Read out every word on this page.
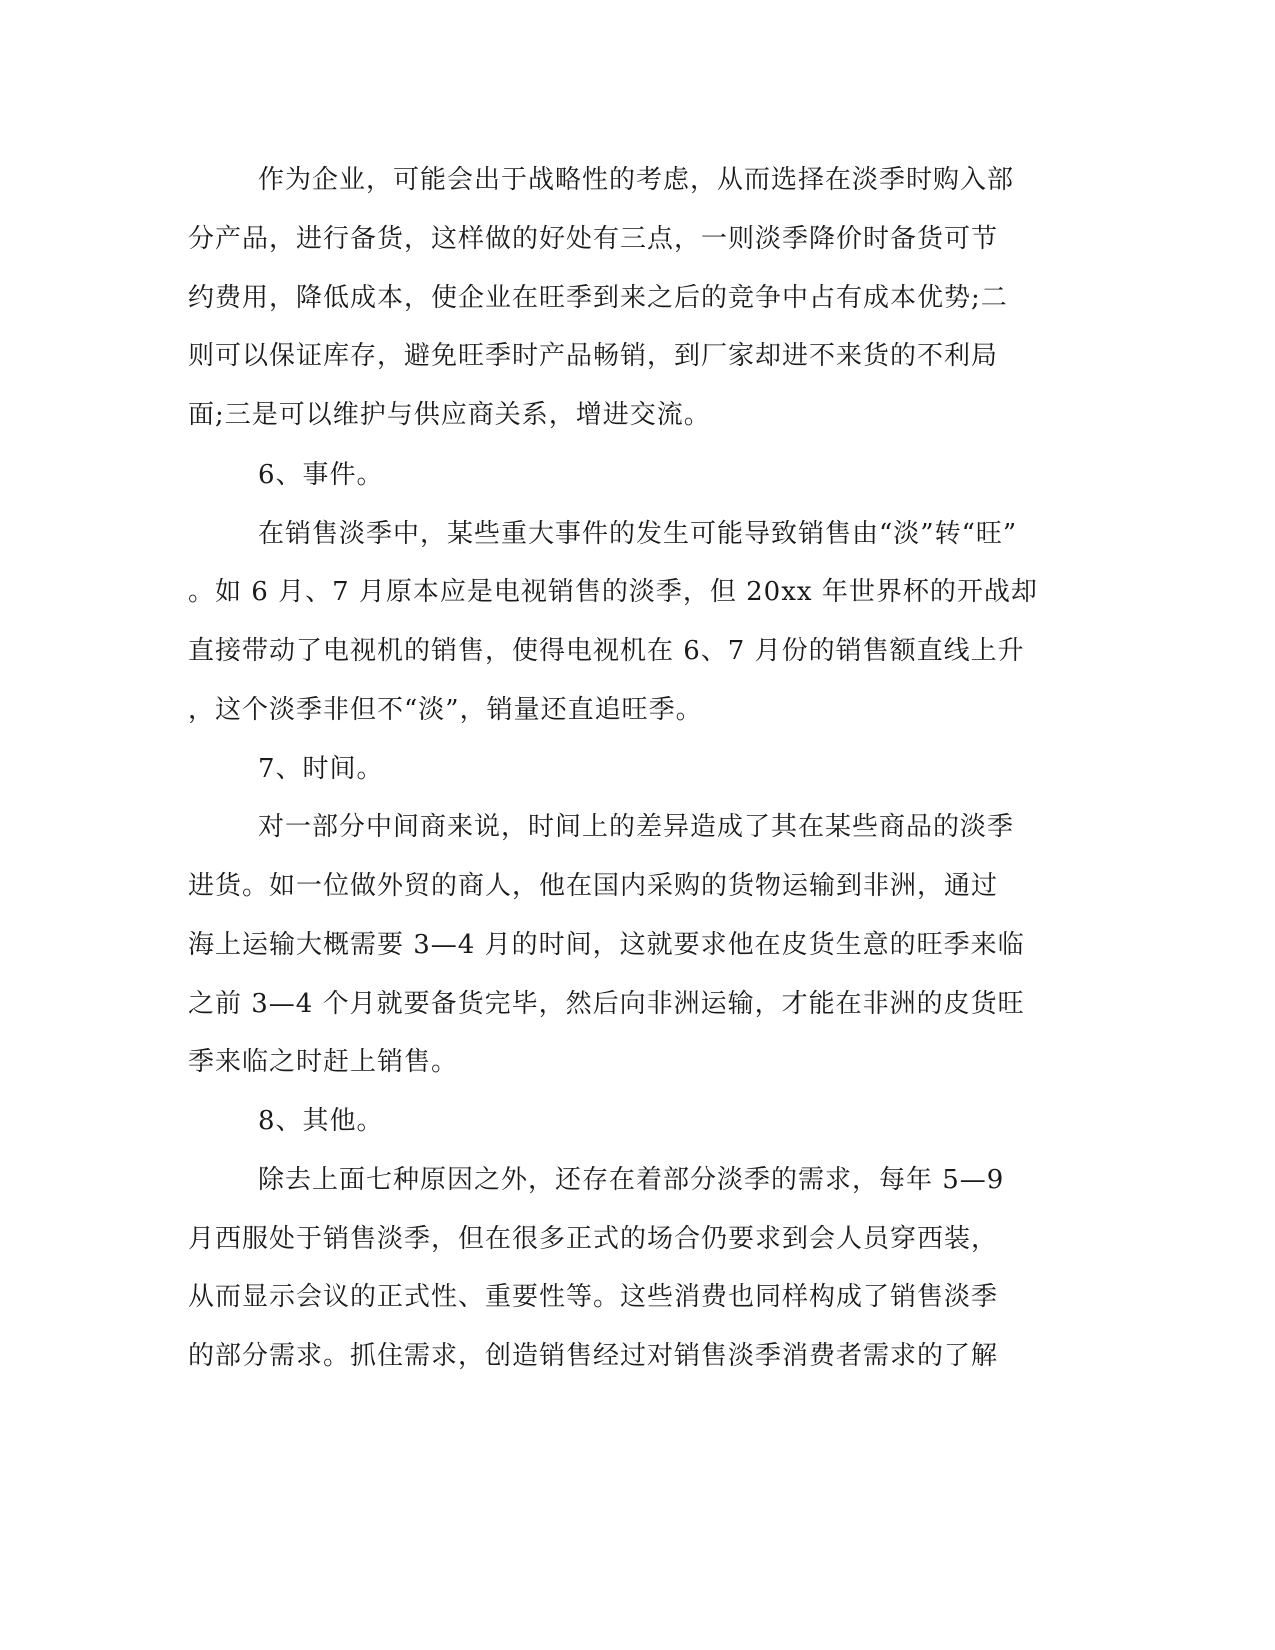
作为企业，可能会出于战略性的考虑，从而选择在淡季时购入部
分产品，进行备货，这样做的好处有三点，一则淡季降价时备货可节
约费用，降低成本，使企业在旺季到来之后的竞争中占有成本优势;二
则可以保证库存，避免旺季时产品畅销，到厂家却进不来货的不利局
面;三是可以维护与供应商关系，增进交流。
6、事件。
在销售淡季中，某些重大事件的发生可能导致销售由“淡”转“旺”
。如 6 月、7 月原本应是电视销售的淡季，但 20xx 年世界杯的开战却
直接带动了电视机的销售，使得电视机在 6、7 月份的销售额直线上升
，这个淡季非但不“淡”，销量还直追旺季。
7、时间。
对一部分中间商来说，时间上的差异造成了其在某些商品的淡季
进货。如一位做外贸的商人，他在国内采购的货物运输到非洲，通过
海上运输大概需要 3—4 月的时间，这就要求他在皮货生意的旺季来临
之前 3—4 个月就要备货完毕，然后向非洲运输，才能在非洲的皮货旺
季来临之时赶上销售。
8、其他。
除去上面七种原因之外，还存在着部分淡季的需求，每年 5—9
月西服处于销售淡季，但在很多正式的场合仍要求到会人员穿西装，
从而显示会议的正式性、重要性等。这些消费也同样构成了销售淡季
的部分需求。抓住需求，创造销售经过对销售淡季消费者需求的了解
